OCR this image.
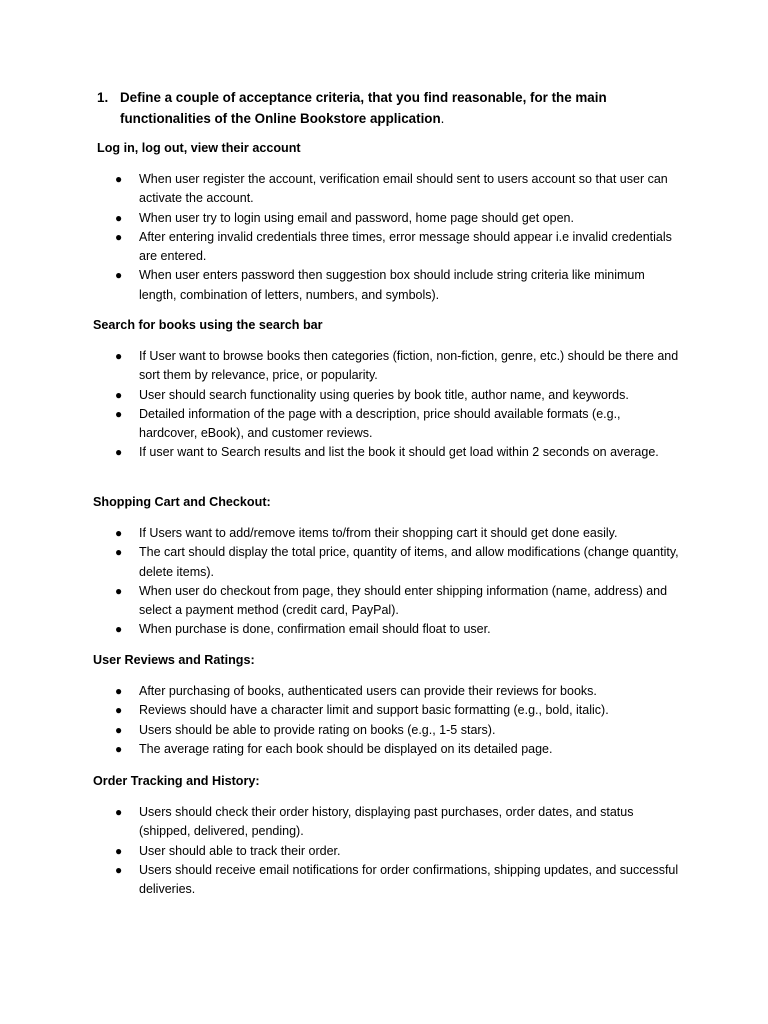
1. Define a couple of acceptance criteria, that you find reasonable, for the main functionalities of the Online Bookstore application.
Log in, log out, view their account
● When user register the account, verification email should sent to users account so that user can activate the account.
● When user try to login using email and password, home page should get open.
● After entering invalid credentials three times, error message should appear i.e invalid credentials are entered.
● When user enters password then suggestion box should include string criteria like minimum length, combination of letters, numbers, and symbols).
Search for books using the search bar
● If User want to browse books then categories (fiction, non-fiction, genre, etc.) should be there and sort them by relevance, price, or popularity.
● User should search functionality using queries by book title, author name, and keywords.
● Detailed information of the page with a description, price should available formats (e.g., hardcover, eBook), and customer reviews.
● If user want to Search results and list the book it should get load within 2 seconds on average.
Shopping Cart and Checkout:
● If Users want to add/remove items to/from their shopping cart it should get done easily.
● The cart should display the total price, quantity of items, and allow modifications (change quantity, delete items).
● When user do checkout from page, they should enter shipping information (name, address) and select a payment method (credit card, PayPal).
● When purchase is done, confirmation email should float to user.
User Reviews and Ratings:
● After purchasing of books, authenticated users can provide their reviews for books.
● Reviews should have a character limit and support basic formatting (e.g., bold, italic).
● Users should be able to provide rating on books (e.g., 1-5 stars).
● The average rating for each book should be displayed on its detailed page.
Order Tracking and History:
● Users should check their order history, displaying past purchases, order dates, and status (shipped, delivered, pending).
● User should able to track their order.
● Users should receive email notifications for order confirmations, shipping updates, and successful deliveries.
